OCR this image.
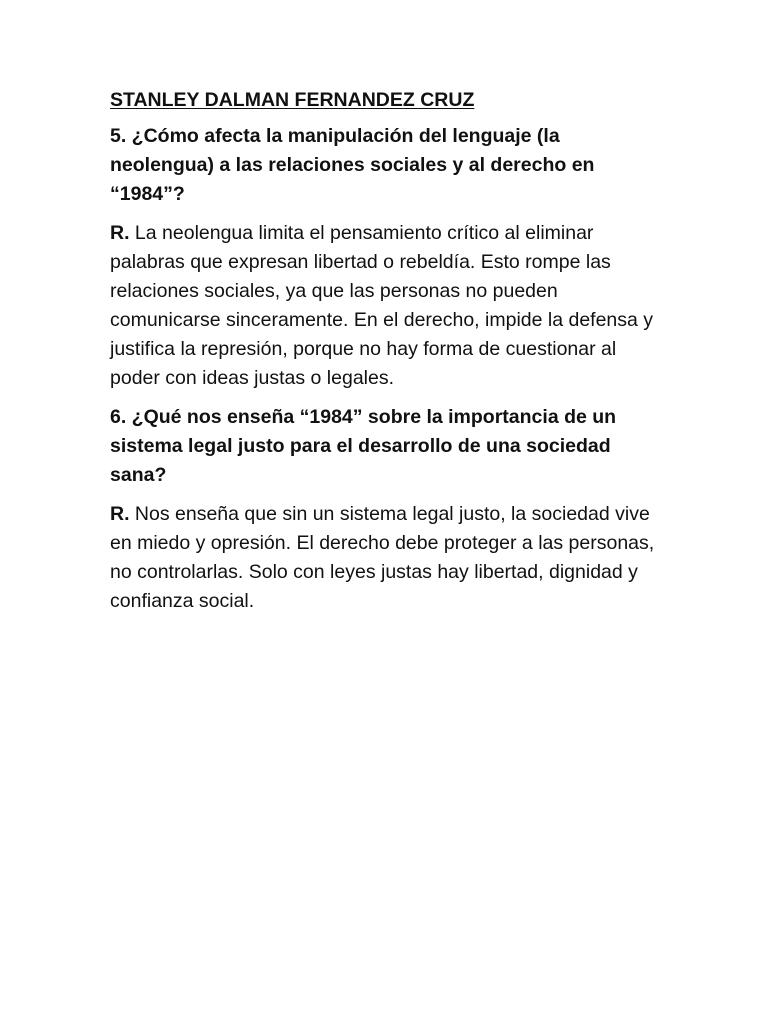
STANLEY DALMAN FERNANDEZ CRUZ

5. ¿Cómo afecta la manipulación del lenguaje (la neolengua) a las relaciones sociales y al derecho en “1984”?

R. La neolengua limita el pensamiento crítico al eliminar palabras que expresan libertad o rebeldía. Esto rompe las relaciones sociales, ya que las personas no pueden comunicarse sinceramente. En el derecho, impide la defensa y justifica la represión, porque no hay forma de cuestionar al poder con ideas justas o legales.

6. ¿Qué nos enseña “1984” sobre la importancia de un sistema legal justo para el desarrollo de una sociedad sana?

R. Nos enseña que sin un sistema legal justo, la sociedad vive en miedo y opresión. El derecho debe proteger a las personas, no controlarlas. Solo con leyes justas hay libertad, dignidad y confianza social.
